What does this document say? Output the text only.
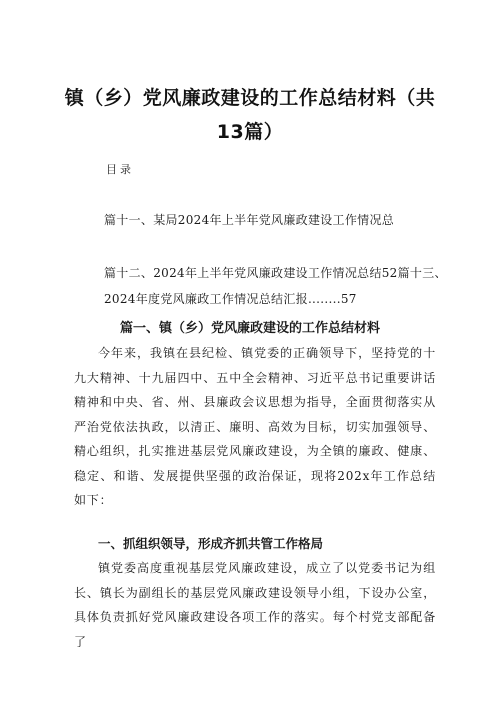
镇（乡）党风廉政建设的工作总结材料（共
13篇）
目录
篇十一、某局2024年上半年党风廉政建设工作情况总
篇十二、2024年上半年党风廉政建设工作情况总结52篇十三、
2024年度党风廉政工作情况总结汇报........57
篇一、镇（乡）党风廉政建设的工作总结材料
今年来，我镇在县纪检、镇党委的正确领导下，坚持党的十九大精神、十九届四中、五中全会精神、习近平总书记重要讲话精神和中央、省、州、县廉政会议思想为指导，全面贯彻落实从严治党依法执政，以清正、廉明、高效为目标，切实加强领导、精心组织，扎实推进基层党风廉政建设，为全镇的廉政、健康、稳定、和谐、发展提供坚强的政治保证，现将202x年工作总结如下：
一、抓组织领导，形成齐抓共管工作格局
镇党委高度重视基层党风廉政建设，成立了以党委书记为组长、镇长为副组长的基层党风廉政建设领导小组，下设办公室，具体负责抓好党风廉政建设各项工作的落实。每个村党支部配备了
